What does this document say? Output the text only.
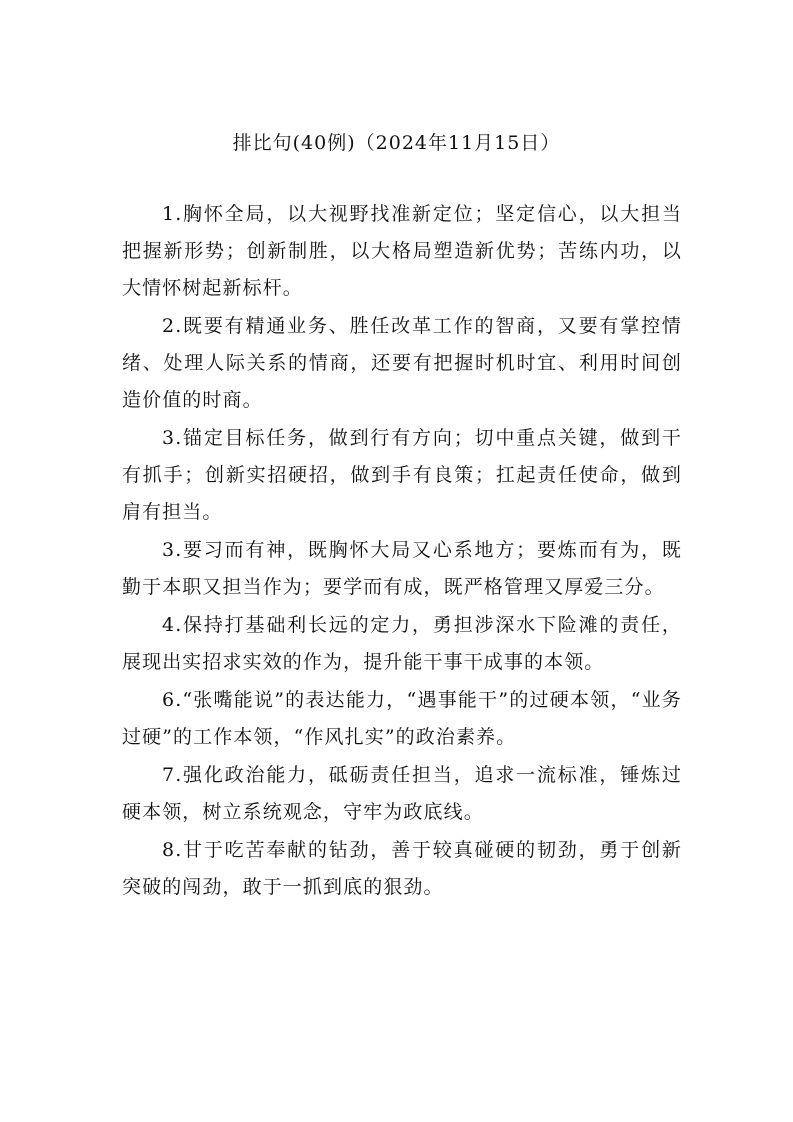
排比句(40例)（2024年11月15日）

1.胸怀全局，以大视野找准新定位；坚定信心，以大担当把握新形势；创新制胜，以大格局塑造新优势；苦练内功，以大情怀树起新标杆。

2.既要有精通业务、胜任改革工作的智商，又要有掌控情绪、处理人际关系的情商，还要有把握时机时宜、利用时间创造价值的时商。

3.锚定目标任务，做到行有方向；切中重点关键，做到干有抓手；创新实招硬招，做到手有良策；扛起责任使命，做到肩有担当。

3.要习而有神，既胸怀大局又心系地方；要炼而有为，既勤于本职又担当作为；要学而有成，既严格管理又厚爱三分。

4.保持打基础利长远的定力，勇担涉深水下险滩的责任，展现出实招求实效的作为，提升能干事干成事的本领。

6.“张嘴能说”的表达能力，“遇事能干”的过硬本领，“业务过硬”的工作本领，“作风扎实”的政治素养。

7.强化政治能力，砥砺责任担当，追求一流标准，锤炼过硬本领，树立系统观念，守牢为政底线。

8.甘于吃苦奉献的钻劲，善于较真碰硬的韧劲，勇于创新突破的闯劲，敢于一抓到底的狠劲。
